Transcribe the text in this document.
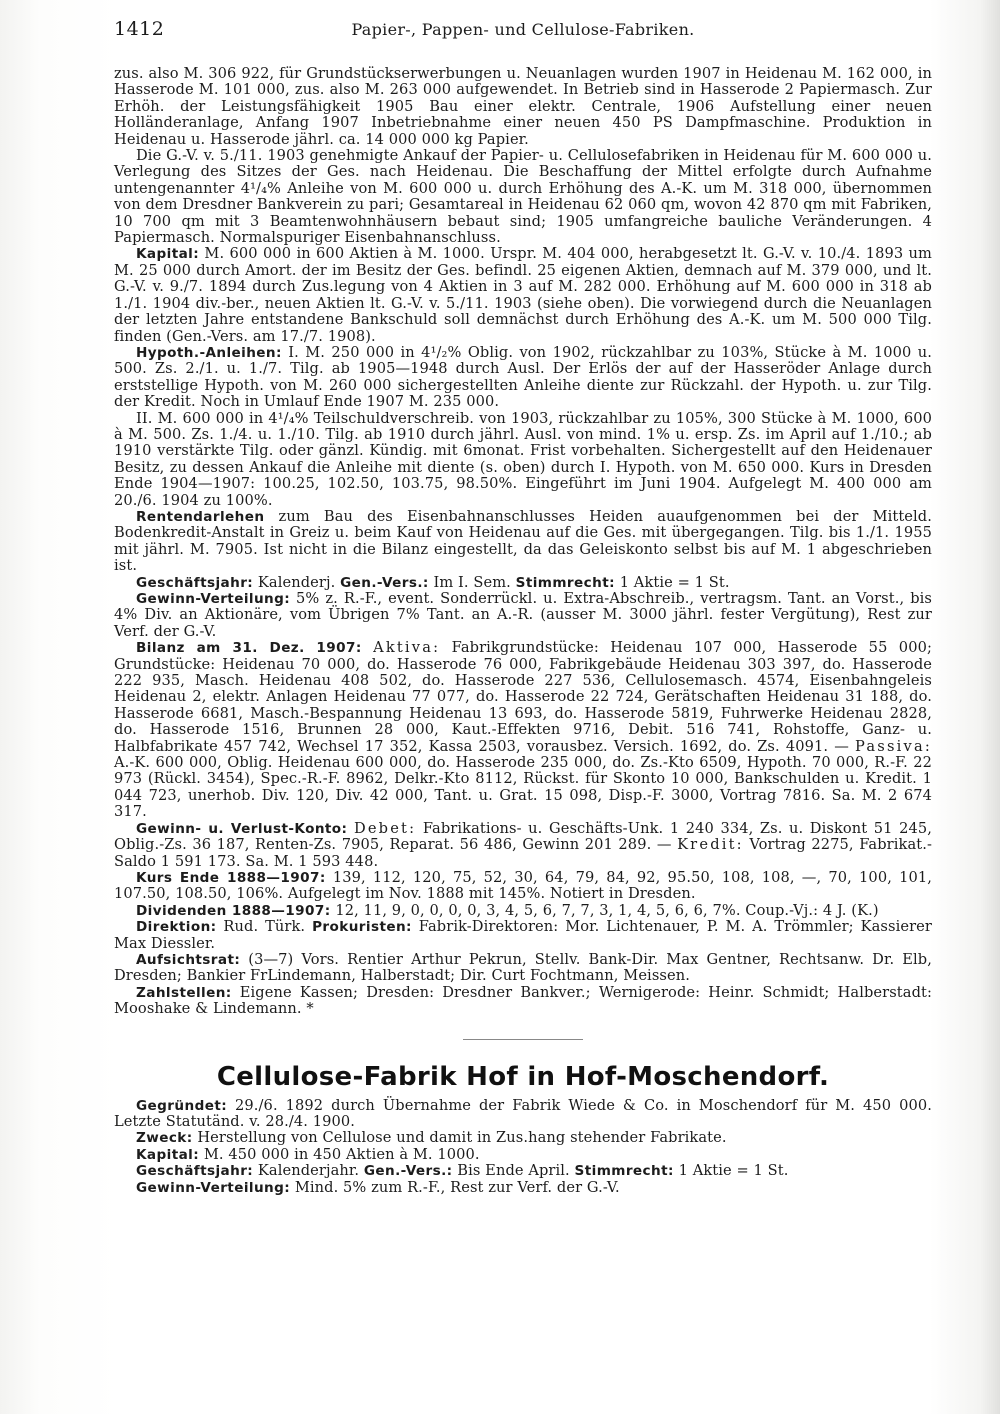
1412	Papier-, Pappen- und Cellulose-Fabriken.

zus. also M. 306 922, für Grundstückserwerbungen u. Neuanlagen wurden 1907 in Heidenau M. 162 000, in Hasserode M. 101 000, zus. also M. 263 000 aufgewendet. In Betrieb sind in Hasserode 2 Papiermasch. Zur Erhöh. der Leistungsfähigkeit 1905 Bau einer elektr. Centrale, 1906 Aufstellung einer neuen Holländeranlage, Anfang 1907 Inbetriebnahme einer neuen 450 PS Dampfmaschine. Produktion in Heidenau u. Hasserode jährl. ca. 14 000 000 kg Papier.

Die G.-V. v. 5./11. 1903 genehmigte Ankauf der Papier- u. Cellulosefabriken in Heidenau für M. 600 000 u. Verlegung des Sitzes der Ges. nach Heidenau. Die Beschaffung der Mittel erfolgte durch Aufnahme untengenannter 4¹/₄% Anleihe von M. 600 000 u. durch Erhöhung des A.-K. um M. 318 000, übernommen von dem Dresdner Bankverein zu pari; Gesamtareal in Heidenau 62 060 qm, wovon 42 870 qm mit Fabriken, 10 700 qm mit 3 Beamtenwohnhäusern bebaut sind; 1905 umfangreiche bauliche Veränderungen. 4 Papiermasch. Normalspuriger Eisenbahnanschluss.

Kapital: M. 600 000 in 600 Aktien à M. 1000. Urspr. M. 404 000, herabgesetzt lt. G.-V. v. 10./4. 1893 um M. 25 000 durch Amort. der im Besitz der Ges. befindl. 25 eigenen Aktien, demnach auf M. 379 000, und lt. G.-V. v. 9./7. 1894 durch Zus.legung von 4 Aktien in 3 auf M. 282 000. Erhöhung auf M. 600 000 in 318 ab 1./1. 1904 div.-ber., neuen Aktien lt. G.-V. v. 5./11. 1903 (siehe oben). Die vorwiegend durch die Neuanlagen der letzten Jahre entstandene Bankschuld soll demnächst durch Erhöhung des A.-K. um M. 500 000 Tilg. finden (Gen.-Vers. am 17./7. 1908).

Hypoth.-Anleihen: I. M. 250 000 in 4¹/₂% Oblig. von 1902, rückzahlbar zu 103%, Stücke à M. 1000 u. 500. Zs. 2./1. u. 1./7. Tilg. ab 1905—1948 durch Ausl. Der Erlös der auf der Hasseröder Anlage durch erststellige Hypoth. von M. 260 000 sichergestellten Anleihe diente zur Rückzahl. der Hypoth. u. zur Tilg. der Kredit. Noch in Umlauf Ende 1907 M. 235 000.

II. M. 600 000 in 4¹/₄% Teilschuldverschreib. von 1903, rückzahlbar zu 105%, 300 Stücke à M. 1000, 600 à M. 500. Zs. 1./4. u. 1./10. Tilg. ab 1910 durch jährl. Ausl. von mind. 1% u. ersp. Zs. im April auf 1./10.; ab 1910 verstärkte Tilg. oder gänzl. Kündig. mit 6monat. Frist vorbehalten. Sichergestellt auf den Heidenauer Besitz, zu dessen Ankauf die Anleihe mit diente (s. oben) durch I. Hypoth. von M. 650 000. Kurs in Dresden Ende 1904—1907: 100.25, 102.50, 103.75, 98.50%. Eingeführt im Juni 1904. Aufgelegt M. 400 000 am 20./6. 1904 zu 100%.

Rentendarlehen zum Bau des Eisenbahnanschlusses Heiden auaufgenommen bei der Mitteld. Bodenkredit-Anstalt in Greiz u. beim Kauf von Heidenau auf die Ges. mit übergegangen. Tilg. bis 1./1. 1955 mit jährl. M. 7905. Ist nicht in die Bilanz eingestellt, da das Geleiskonto selbst bis auf M. 1 abgeschrieben ist.

Geschäftsjahr: Kalenderj. Gen.-Vers.: Im I. Sem. Stimmrecht: 1 Aktie = 1 St.

Gewinn-Verteilung: 5% z. R.-F., event. Sonderrückl. u. Extra-Abschreib., vertragsm. Tant. an Vorst., bis 4% Div. an Aktionäre, vom Übrigen 7% Tant. an A.-R. (ausser M. 3000 jährl. fester Vergütung), Rest zur Verf. der G.-V.

Bilanz am 31. Dez. 1907: Aktiva: Fabrikgrundstücke: Heidenau 107 000, Hasserode 55 000; Grundstücke: Heidenau 70 000, do. Hasserode 76 000, Fabrikgebäude Heidenau 303 397, do. Hasserode 222 935, Masch. Heidenau 408 502, do. Hasserode 227 536, Cellulosemasch. 4574, Eisenbahngeleis Heidenau 2, elektr. Anlagen Heidenau 77 077, do. Hasserode 22 724, Gerätschaften Heidenau 31 188, do. Hasserode 6681, Masch.-Bespannung Heidenau 13 693, do. Hasserode 5819, Fuhrwerke Heidenau 2828, do. Hasserode 1516, Brunnen 28 000, Kaut.-Effekten 9716, Debit. 516 741, Rohstoffe, Ganz- u. Halbfabrikate 457 742, Wechsel 17 352, Kassa 2503, vorausbez. Versich. 1692, do. Zs. 4091. — Passiva: A.-K. 600 000, Oblig. Heidenau 600 000, do. Hasserode 235 000, do. Zs.-Kto 6509, Hypoth. 70 000, R.-F. 22 973 (Rückl. 3454), Spec.-R.-F. 8962, Delkr.-Kto 8112, Rückst. für Skonto 10 000, Bankschulden u. Kredit. 1 044 723, unerhob. Div. 120, Div. 42 000, Tant. u. Grat. 15 098, Disp.-F. 3000, Vortrag 7816. Sa. M. 2 674 317.

Gewinn- u. Verlust-Konto: Debet: Fabrikations- u. Geschäfts-Unk. 1 240 334, Zs. u. Diskont 51 245, Oblig.-Zs. 36 187, Renten-Zs. 7905, Reparat. 56 486, Gewinn 201 289. — Kredit: Vortrag 2275, Fabrikat.-Saldo 1 591 173. Sa. M. 1 593 448.

Kurs Ende 1888—1907: 139, 112, 120, 75, 52, 30, 64, 79, 84, 92, 95.50, 108, 108, —, 70, 100, 101, 107.50, 108.50, 106%. Aufgelegt im Nov. 1888 mit 145%. Notiert in Dresden.

Dividenden 1888—1907: 12, 11, 9, 0, 0, 0, 0, 3, 4, 5, 6, 7, 7, 3, 1, 4, 5, 6, 6, 7%. Coup.-Vj.: 4 J. (K.)

Direktion: Rud. Türk. Prokuristen: Fabrik-Direktoren: Mor. Lichtenauer, P. M. A. Trömmler; Kassierer Max Diessler.

Aufsichtsrat: (3—7) Vors. Rentier Arthur Pekrun, Stellv. Bank-Dir. Max Gentner, Rechtsanw. Dr. Elb, Dresden; Bankier FrLindemann, Halberstadt; Dir. Curt Fochtmann, Meissen.

Zahlstellen: Eigene Kassen; Dresden: Dresdner Bankver.; Wernigerode: Heinr. Schmidt; Halberstadt: Mooshake & Lindemann. *

Cellulose-Fabrik Hof in Hof-Moschendorf.

Gegründet: 29./6. 1892 durch Übernahme der Fabrik Wiede & Co. in Moschendorf für M. 450 000. Letzte Statutänd. v. 28./4. 1900.

Zweck: Herstellung von Cellulose und damit in Zus.hang stehender Fabrikate.

Kapital: M. 450 000 in 450 Aktien à M. 1000.

Geschäftsjahr: Kalenderjahr. Gen.-Vers.: Bis Ende April. Stimmrecht: 1 Aktie = 1 St.

Gewinn-Verteilung: Mind. 5% zum R.-F., Rest zur Verf. der G.-V.
